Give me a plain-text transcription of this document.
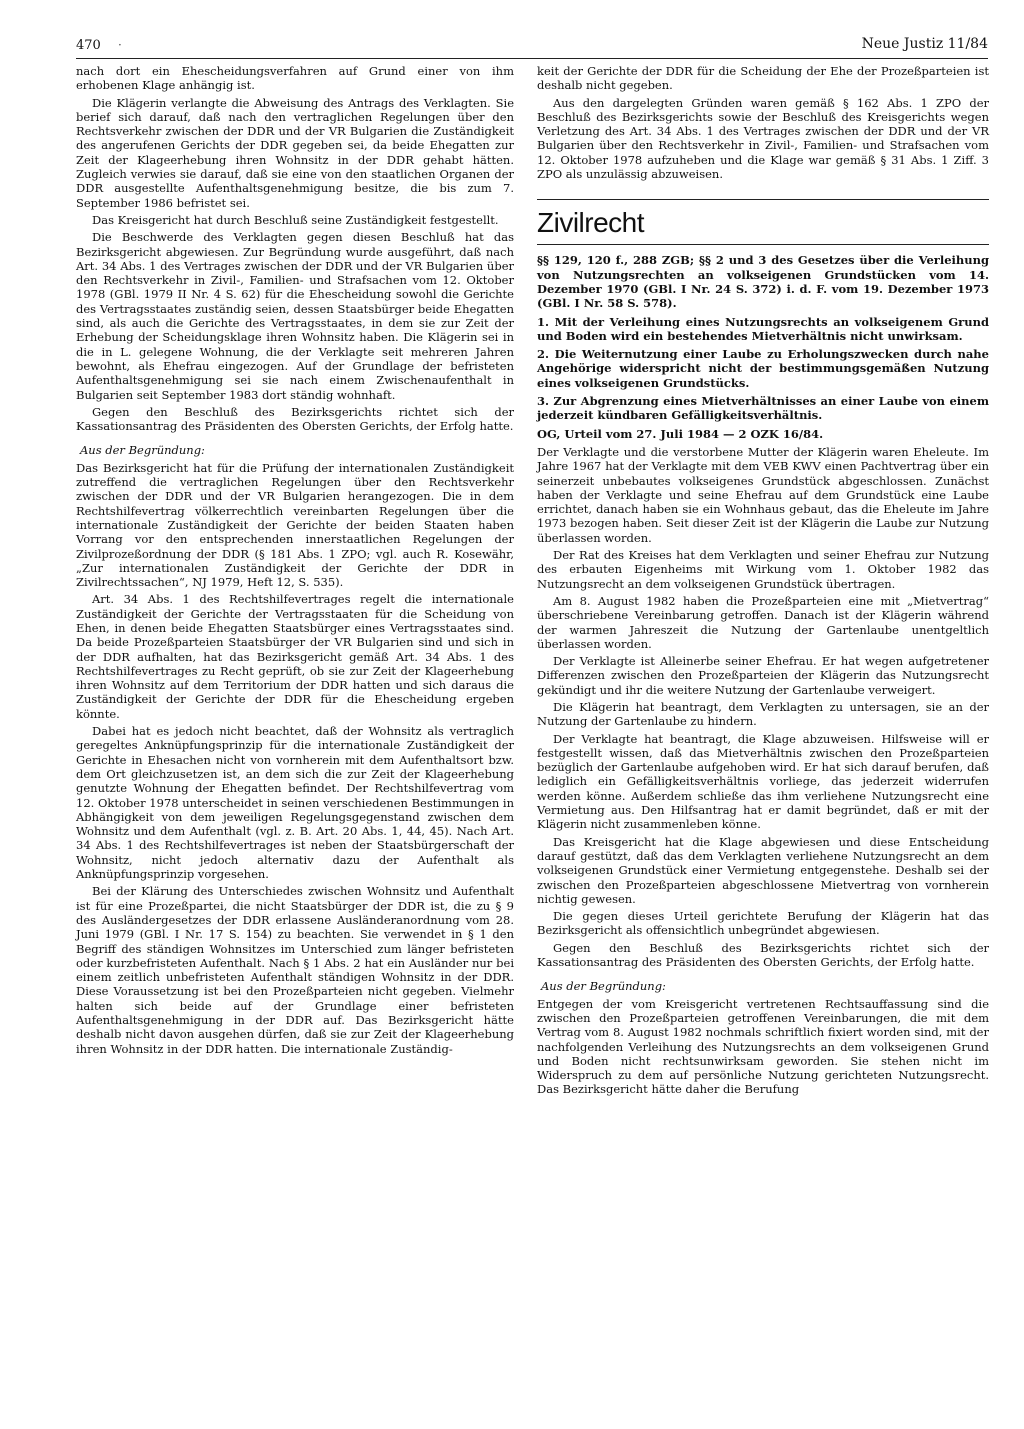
470 ·	Neue Justiz 11/84

nach dort ein Ehescheidungsverfahren auf Grund einer von ihm erhobenen Klage anhängig ist.

Die Klägerin verlangte die Abweisung des Antrags des Verklagten. Sie berief sich darauf, daß nach den vertraglichen Regelungen über den Rechtsverkehr zwischen der DDR und der VR Bulgarien die Zuständigkeit des angerufenen Gerichts der DDR gegeben sei, da beide Ehegatten zur Zeit der Klageerhebung ihren Wohnsitz in der DDR gehabt hätten. Zugleich verwies sie darauf, daß sie eine von den staatlichen Organen der DDR ausgestellte Aufenthaltsgenehmigung besitze, die bis zum 7. September 1986 befristet sei.

Das Kreisgericht hat durch Beschluß seine Zuständigkeit festgestellt.

Die Beschwerde des Verklagten gegen diesen Beschluß hat das Bezirksgericht abgewiesen. Zur Begründung wurde ausgeführt, daß nach Art. 34 Abs. 1 des Vertrages zwischen der DDR und der VR Bulgarien über den Rechtsverkehr in Zivil-, Familien- und Strafsachen vom 12. Oktober 1978 (GBl. 1979 II Nr. 4 S. 62) für die Ehescheidung sowohl die Gerichte des Vertragsstaates zuständig seien, dessen Staatsbürger beide Ehegatten sind, als auch die Gerichte des Vertragsstaates, in dem sie zur Zeit der Erhebung der Scheidungsklage ihren Wohnsitz haben. Die Klägerin sei in die in L. gelegene Wohnung, die der Verklagte seit mehreren Jahren bewohnt, als Ehefrau eingezogen. Auf der Grundlage der befristeten Aufenthaltsgenehmigung sei sie nach einem Zwischenaufenthalt in Bulgarien seit September 1983 dort ständig wohnhaft.

Gegen den Beschluß des Bezirksgerichts richtet sich der Kassationsantrag des Präsidenten des Obersten Gerichts, der Erfolg hatte.

Aus der Begründung:

Das Bezirksgericht hat für die Prüfung der internationalen Zuständigkeit zutreffend die vertraglichen Regelungen über den Rechtsverkehr zwischen der DDR und der VR Bulgarien herangezogen. Die in dem Rechtshilfevertrag völkerrechtlich vereinbarten Regelungen über die internationale Zuständigkeit der Gerichte der beiden Staaten haben Vorrang vor den entsprechenden innerstaatlichen Regelungen der Zivilprozeßordnung der DDR (§ 181 Abs. 1 ZPO; vgl. auch R. Kosewähr, „Zur internationalen Zuständigkeit der Gerichte der DDR in Zivilrechtssachen“, NJ 1979, Heft 12, S. 535).

Art. 34 Abs. 1 des Rechtshilfevertrages regelt die internationale Zuständigkeit der Gerichte der Vertragsstaaten für die Scheidung von Ehen, in denen beide Ehegatten Staatsbürger eines Vertragsstaates sind. Da beide Prozeßparteien Staatsbürger der VR Bulgarien sind und sich in der DDR aufhalten, hat das Bezirksgericht gemäß Art. 34 Abs. 1 des Rechtshilfevertrages zu Recht geprüft, ob sie zur Zeit der Klageerhebung ihren Wohnsitz auf dem Territorium der DDR hatten und sich daraus die Zuständigkeit der Gerichte der DDR für die Ehescheidung ergeben könnte.

Dabei hat es jedoch nicht beachtet, daß der Wohnsitz als vertraglich geregeltes Anknüpfungsprinzip für die internationale Zuständigkeit der Gerichte in Ehesachen nicht von vornherein mit dem Aufenthaltsort bzw. dem Ort gleichzusetzen ist, an dem sich die zur Zeit der Klageerhebung genutzte Wohnung der Ehegatten befindet. Der Rechtshilfevertrag vom 12. Oktober 1978 unterscheidet in seinen verschiedenen Bestimmungen in Abhängigkeit von dem jeweiligen Regelungsgegenstand zwischen dem Wohnsitz und dem Aufenthalt (vgl. z. B. Art. 20 Abs. 1, 44, 45). Nach Art. 34 Abs. 1 des Rechtshilfevertrages ist neben der Staatsbürgerschaft der Wohnsitz, nicht jedoch alternativ dazu der Aufenthalt als Anknüpfungsprinzip vorgesehen.

Bei der Klärung des Unterschiedes zwischen Wohnsitz und Aufenthalt ist für eine Prozeßpartei, die nicht Staatsbürger der DDR ist, die zu § 9 des Ausländergesetzes der DDR erlassene Ausländeranordnung vom 28. Juni 1979 (GBl. I Nr. 17 S. 154) zu beachten. Sie verwendet in § 1 den Begriff des ständigen Wohnsitzes im Unterschied zum länger befristeten oder kurzbefristeten Aufenthalt. Nach § 1 Abs. 2 hat ein Ausländer nur bei einem zeitlich unbefristeten Aufenthalt ständigen Wohnsitz in der DDR. Diese Voraussetzung ist bei den Prozeßparteien nicht gegeben. Vielmehr halten sich beide auf der Grundlage einer befristeten Aufenthaltsgenehmigung in der DDR auf. Das Bezirksgericht hätte deshalb nicht davon ausgehen dürfen, daß sie zur Zeit der Klageerhebung ihren Wohnsitz in der DDR hatten. Die internationale Zuständig-

keit der Gerichte der DDR für die Scheidung der Ehe der Prozeßparteien ist deshalb nicht gegeben.

Aus den dargelegten Gründen waren gemäß § 162 Abs. 1 ZPO der Beschluß des Bezirksgerichts sowie der Beschluß des Kreisgerichts wegen Verletzung des Art. 34 Abs. 1 des Vertrages zwischen der DDR und der VR Bulgarien über den Rechtsverkehr in Zivil-, Familien- und Strafsachen vom 12. Oktober 1978 aufzuheben und die Klage war gemäß § 31 Abs. 1 Ziff. 3 ZPO als unzulässig abzuweisen.

Zivilrecht

§§ 129, 120 f., 288 ZGB; §§ 2 und 3 des Gesetzes über die Verleihung von Nutzungsrechten an volkseigenen Grundstücken vom 14. Dezember 1970 (GBl. I Nr. 24 S. 372) i. d. F. vom 19. Dezember 1973 (GBl. I Nr. 58 S. 578).

1. Mit der Verleihung eines Nutzungsrechts an volkseigenem Grund und Boden wird ein bestehendes Mietverhältnis nicht unwirksam.

2. Die Weiternutzung einer Laube zu Erholungszwecken durch nahe Angehörige widerspricht nicht der bestimmungsgemäßen Nutzung eines volkseigenen Grundstücks.

3. Zur Abgrenzung eines Mietverhältnisses an einer Laube von einem jederzeit kündbaren Gefälligkeitsverhältnis.

OG, Urteil vom 27. Juli 1984 — 2 OZK 16/84.

Der Verklagte und die verstorbene Mutter der Klägerin waren Eheleute. Im Jahre 1967 hat der Verklagte mit dem VEB KWV einen Pachtvertrag über ein seinerzeit unbebautes volkseigenes Grundstück abgeschlossen. Zunächst haben der Verklagte und seine Ehefrau auf dem Grundstück eine Laube errichtet, danach haben sie ein Wohnhaus gebaut, das die Eheleute im Jahre 1973 bezogen haben. Seit dieser Zeit ist der Klägerin die Laube zur Nutzung überlassen worden.

Der Rat des Kreises hat dem Verklagten und seiner Ehefrau zur Nutzung des erbauten Eigenheims mit Wirkung vom 1. Oktober 1982 das Nutzungsrecht an dem volkseigenen Grundstück übertragen.

Am 8. August 1982 haben die Prozeßparteien eine mit „Mietvertrag“ überschriebene Vereinbarung getroffen. Danach ist der Klägerin während der warmen Jahreszeit die Nutzung der Gartenlaube unentgeltlich überlassen worden.

Der Verklagte ist Alleinerbe seiner Ehefrau. Er hat wegen aufgetretener Differenzen zwischen den Prozeßparteien der Klägerin das Nutzungsrecht gekündigt und ihr die weitere Nutzung der Gartenlaube verweigert.

Die Klägerin hat beantragt, dem Verklagten zu untersagen, sie an der Nutzung der Gartenlaube zu hindern.

Der Verklagte hat beantragt, die Klage abzuweisen. Hilfsweise will er festgestellt wissen, daß das Mietverhältnis zwischen den Prozeßparteien bezüglich der Gartenlaube aufgehoben wird. Er hat sich darauf berufen, daß lediglich ein Gefälligkeitsverhältnis vorliege, das jederzeit widerrufen werden könne. Außerdem schließe das ihm verliehene Nutzungsrecht eine Vermietung aus. Den Hilfsantrag hat er damit begründet, daß er mit der Klägerin nicht zusammenleben könne.

Das Kreisgericht hat die Klage abgewiesen und diese Entscheidung darauf gestützt, daß das dem Verklagten verliehene Nutzungsrecht an dem volkseigenen Grundstück einer Vermietung entgegenstehe. Deshalb sei der zwischen den Prozeßparteien abgeschlossene Mietvertrag von vornherein nichtig gewesen.

Die gegen dieses Urteil gerichtete Berufung der Klägerin hat das Bezirksgericht als offensichtlich unbegründet abgewiesen.

Gegen den Beschluß des Bezirksgerichts richtet sich der Kassationsantrag des Präsidenten des Obersten Gerichts, der Erfolg hatte.

Aus der Begründung:

Entgegen der vom Kreisgericht vertretenen Rechtsauffassung sind die zwischen den Prozeßparteien getroffenen Vereinbarungen, die mit dem Vertrag vom 8. August 1982 nochmals schriftlich fixiert worden sind, mit der nachfolgenden Verleihung des Nutzungsrechts an dem volkseigenen Grund und Boden nicht rechtsunwirksam geworden. Sie stehen nicht im Widerspruch zu dem auf persönliche Nutzung gerichteten Nutzungsrecht. Das Bezirksgericht hätte daher die Berufung
